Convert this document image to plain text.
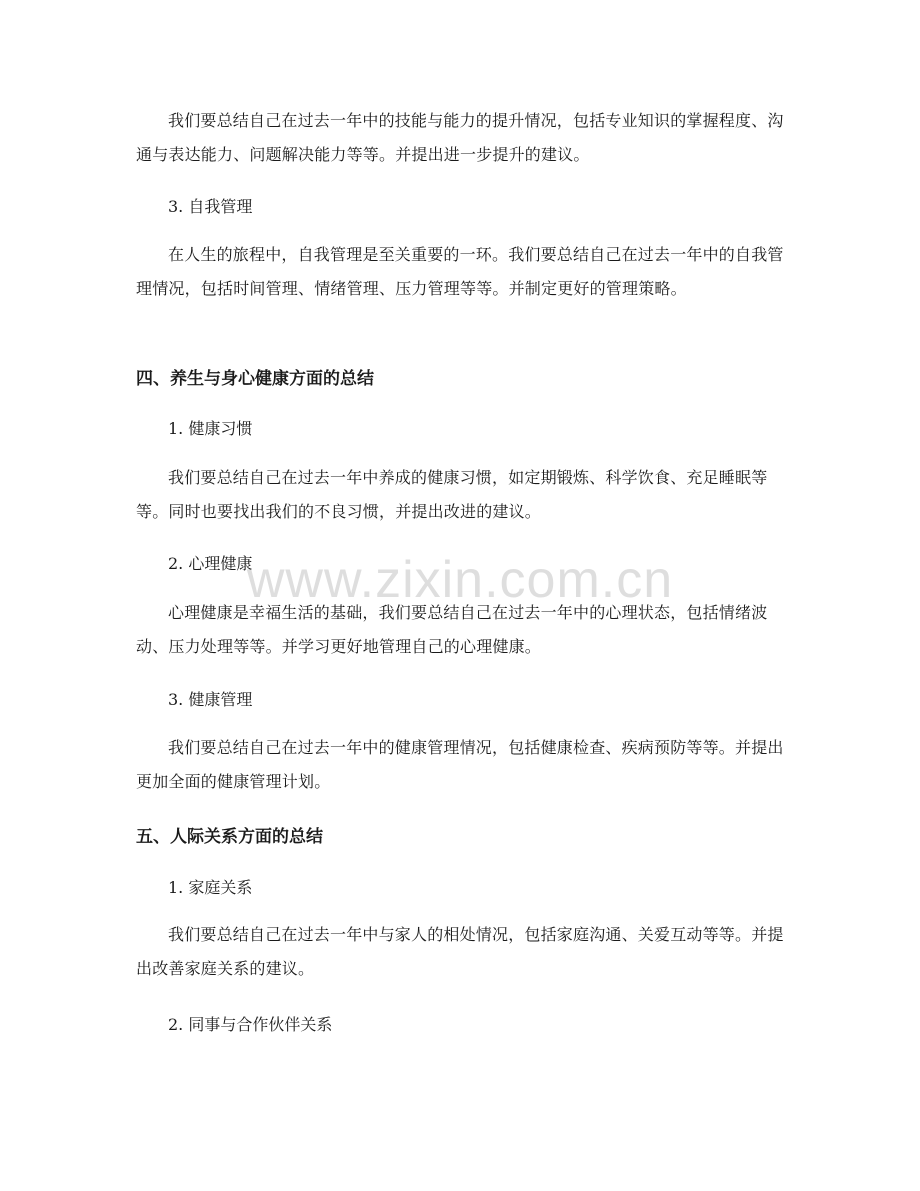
我们要总结自己在过去一年中的技能与能力的提升情况，包括专业知识的掌握程度、沟通与表达能力、问题解决能力等等。并提出进一步提升的建议。

3. 自我管理

在人生的旅程中，自我管理是至关重要的一环。我们要总结自己在过去一年中的自我管理情况，包括时间管理、情绪管理、压力管理等等。并制定更好的管理策略。

四、养生与身心健康方面的总结

1. 健康习惯

我们要总结自己在过去一年中养成的健康习惯，如定期锻炼、科学饮食、充足睡眠等等。同时也要找出我们的不良习惯，并提出改进的建议。

2. 心理健康

心理健康是幸福生活的基础，我们要总结自己在过去一年中的心理状态，包括情绪波动、压力处理等等。并学习更好地管理自己的心理健康。

3. 健康管理

我们要总结自己在过去一年中的健康管理情况，包括健康检查、疾病预防等等。并提出更加全面的健康管理计划。

五、人际关系方面的总结

1. 家庭关系

我们要总结自己在过去一年中与家人的相处情况，包括家庭沟通、关爱互动等等。并提出改善家庭关系的建议。

2. 同事与合作伙伴关系

www.zixin.com.cn
